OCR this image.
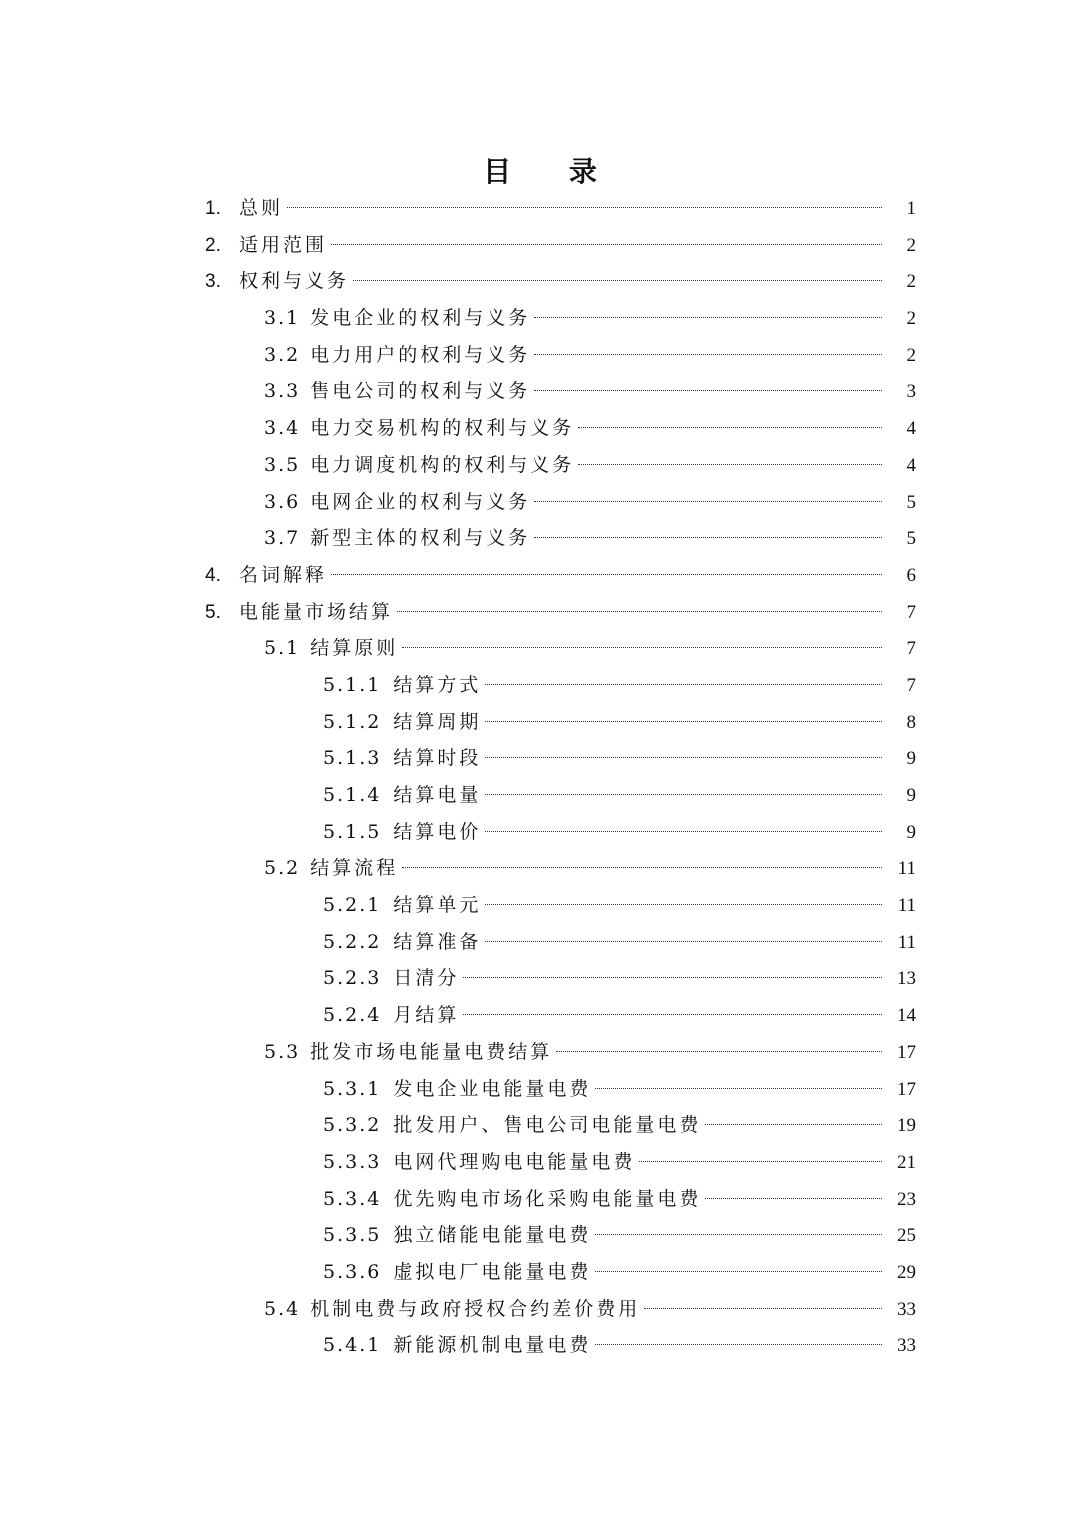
目 录
1. 总则	1
2. 适用范围	2
3. 权利与义务	2
3.1 发电企业的权利与义务	2
3.2 电力用户的权利与义务	2
3.3 售电公司的权利与义务	3
3.4 电力交易机构的权利与义务	4
3.5 电力调度机构的权利与义务	4
3.6 电网企业的权利与义务	5
3.7 新型主体的权利与义务	5
4. 名词解释	6
5. 电能量市场结算	7
5.1 结算原则	7
5.1.1 结算方式	7
5.1.2 结算周期	8
5.1.3 结算时段	9
5.1.4 结算电量	9
5.1.5 结算电价	9
5.2 结算流程	11
5.2.1 结算单元	11
5.2.2 结算准备	11
5.2.3 日清分	13
5.2.4 月结算	14
5.3 批发市场电能量电费结算	17
5.3.1 发电企业电能量电费	17
5.3.2 批发用户、售电公司电能量电费	19
5.3.3 电网代理购电电能量电费	21
5.3.4 优先购电市场化采购电能量电费	23
5.3.5 独立储能电能量电费	25
5.3.6 虚拟电厂电能量电费	29
5.4 机制电费与政府授权合约差价费用	33
5.4.1 新能源机制电量电费	33
